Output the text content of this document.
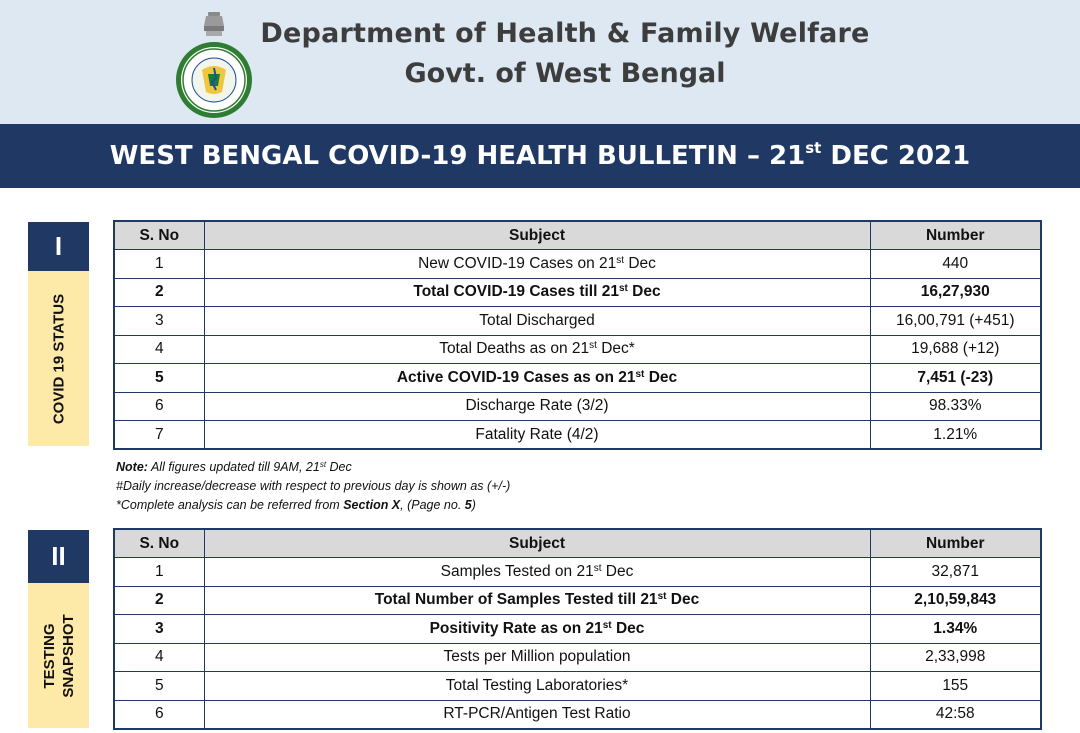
Department of Health & Family Welfare
Govt. of West Bengal
WEST BENGAL COVID-19 HEALTH BULLETIN – 21st DEC 2021
I
COVID 19 STATUS
S. No	Subject	Number
1	New COVID-19 Cases on 21st Dec	440
2	Total COVID-19 Cases till 21st Dec	16,27,930
3	Total Discharged	16,00,791 (+451)
4	Total Deaths as on 21st Dec*	19,688 (+12)
5	Active COVID-19 Cases as on 21st Dec	7,451 (-23)
6	Discharge Rate (3/2)	98.33%
7	Fatality Rate (4/2)	1.21%
Note: All figures updated till 9AM, 21st Dec
#Daily increase/decrease with respect to previous day is shown as (+/-)
*Complete analysis can be referred from Section X, (Page no. 5)
II
TESTING SNAPSHOT
S. No	Subject	Number
1	Samples Tested on 21st Dec	32,871
2	Total Number of Samples Tested till 21st Dec	2,10,59,843
3	Positivity Rate as on 21st Dec	1.34%
4	Tests per Million population	2,33,998
5	Total Testing Laboratories*	155
6	RT-PCR/Antigen Test Ratio	42:58
